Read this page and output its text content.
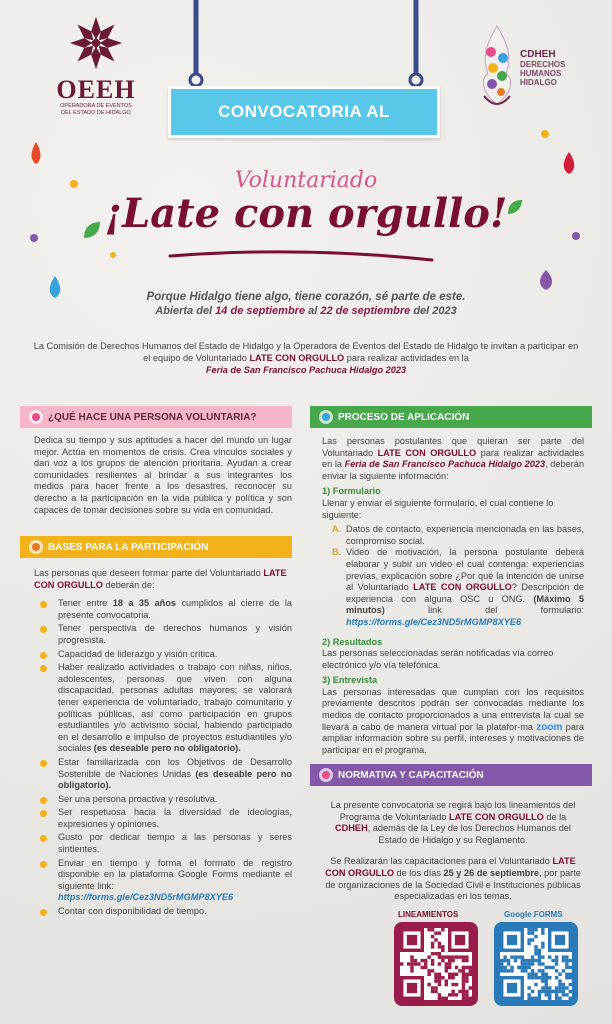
OEEH
OPERADORA DE EVENTOS
DEL ESTADO DE HIDALGO
CDHEH
DERECHOS
HUMANOS
HIDALGO
CONVOCATORIA AL
Voluntariado
¡Late con orgullo!
Porque Hidalgo tiene algo, tiene corazón, sé parte de este.
Abierta del 14 de septiembre al 22 de septiembre del 2023
La Comisión de Derechos Humanos del Estado de Hidalgo y la Operadora de Eventos del Estado de Hidalgo te invitan a participar en el equipo de Voluntariado LATE CON ORGULLO para realizar actividades en la
Feria de San Francisco Pachuca Hidalgo 2023
¿QUÉ HACE UNA PERSONA VOLUNTARIA?
Dedica su tiempo y sus aptitudes a hacer del mundo un lugar mejor. Actúa en momentos de crisis. Crea vínculos sociales y dan voz a los grupos de atención prioritaria. Ayudan a crear comunidades resilientes al brindar a sus integrantes los medios para hacer frente a los desastres, reconocer su derecho a la participación en la vida pública y política y son capaces de tomar decisiones sobre su vida en comunidad.
BASES PARA LA PARTICIPACIÓN

Las personas que deseen formar parte del Voluntariado LATE CON ORGULLO deberán de:

Tener entre 18 a 35 años cumplidos al cierre de la presente convocatoria.
Tener perspectiva de derechos humanos y visión progresista.
Capacidad de liderazgo y visión crítica.
Haber realizado actividades o trabajo con niñas, niños, adolescentes, personas que viven con alguna discapacidad, personas adultas mayores; se valorará tener experiencia de voluntariado, trabajo comunitario y políticas públicas, así como participación en grupos estudiantiles y/o activismo social, habiendo participado en el desarrollo e impulso de proyectos estudiantiles y/o sociales (es deseable pero no obligatorio).
Estar familiarizada con los Objetivos de Desarrollo Sostenible de Naciones Unidas (es deseable pero no obligatorio).
Ser una persona proactiva y resolutiva.
Ser respetuosa hacia la diversidad de ideologías, expresiones y opiniones.
Gusto por dedicar tiempo a las personas y seres sintientes.
Enviar en tiempo y forma el formato de registro disponible en la plataforma Google Forms mediante el siguiente link:
https://forms.gle/Cez3ND5rMGMP8XYE6
Contar con disponibilidad de tiempo.
PROCESO DE APLICACIÓN

Las personas postulantes que quieran ser parte del Voluntariado LATE CON ORGULLO para realizar actividades en la Feria de San Francisco Pachuca Hidalgo 2023, deberán enviar la siguiente información:

1) Formulario

Llenar y enviar el siguiente formulario, el cual contiene lo siguiente:

A. Datos de contacto, experiencia mencionada en las bases, compromiso social.
B. Video de motivación, la persona postulante deberá elaborar y subir un video el cual contenga: experiencias previas, explicación sobre ¿Por qué la intención de unirse al Voluntariado LATE CON ORGULLO? Descripción de experiencia con alguna OSC u ONG. (Máximo 5 minutos)	link del formulario: https://forms.gle/Cez3ND5rMGMP8XYE6
2) Resultados

Las personas seleccionadas serán notificadas vía correo electrónico y/o vía telefónica.

3) Entrevista

Las personas interesadas que cumplan con los requisitos previamente descritos podrán ser convocadas mediante los medios de contacto proporcionados a una entrevista la cual se llevará a cabo de manera virtual por la platafor-ma zoom para ampliar información sobre su perfil, intereses y motivaciones de participar en el programa.

NORMATIVA Y CAPACITACIÓN

La presente convocatoria se regirá bajo los lineamientos del Programa de Voluntariado LATE CON ORGULLO de la CDHEH, además de la Ley de los Derechos Humanos del Estado de Hidalgo y su Reglamento.

Se Realizarán las capacitaciones para el Voluntariado LATE CON ORGULLO de los días 25 y 26 de septiembre, por parte de organizaciones de la Sociedad Civil e Instituciones públicas especializadas en los temas.

LINEAMIENTOS	Google FORMS
